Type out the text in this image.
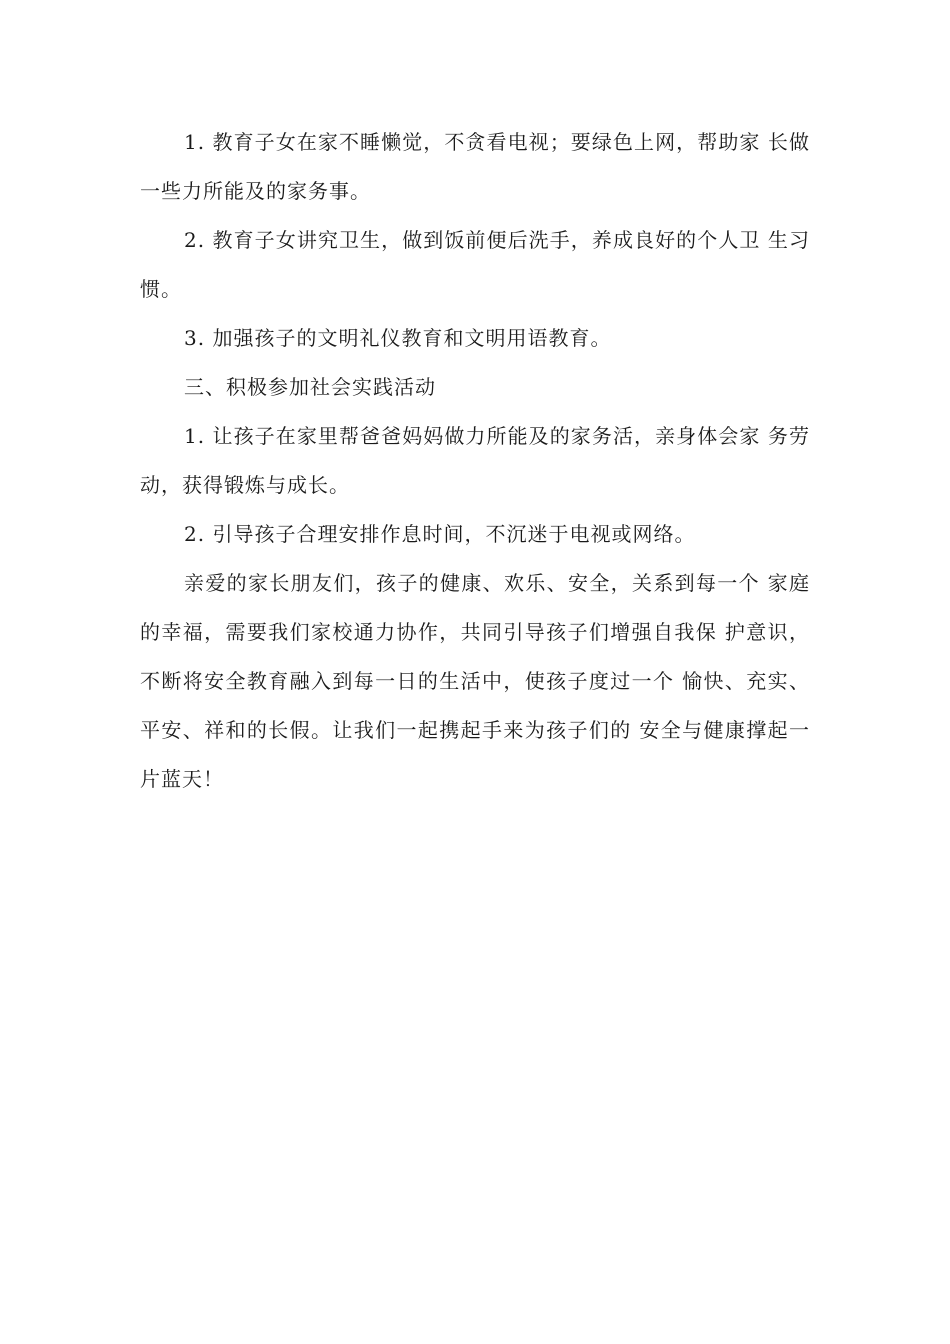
1. 教育子女在家不睡懒觉，不贪看电视；要绿色上网，帮助家 长做一些力所能及的家务事。

2. 教育子女讲究卫生，做到饭前便后洗手，养成良好的个人卫 生习惯。

3. 加强孩子的文明礼仪教育和文明用语教育。

三、积极参加社会实践活动

1. 让孩子在家里帮爸爸妈妈做力所能及的家务活，亲身体会家 务劳动，获得锻炼与成长。

2. 引导孩子合理安排作息时间，不沉迷于电视或网络。

亲爱的家长朋友们，孩子的健康、欢乐、安全，关系到每一个 家庭的幸福，需要我们家校通力协作，共同引导孩子们增强自我保 护意识，不断将安全教育融入到每一日的生活中，使孩子度过一个 愉快、充实、平安、祥和的长假。让我们一起携起手来为孩子们的 安全与健康撑起一片蓝天！
